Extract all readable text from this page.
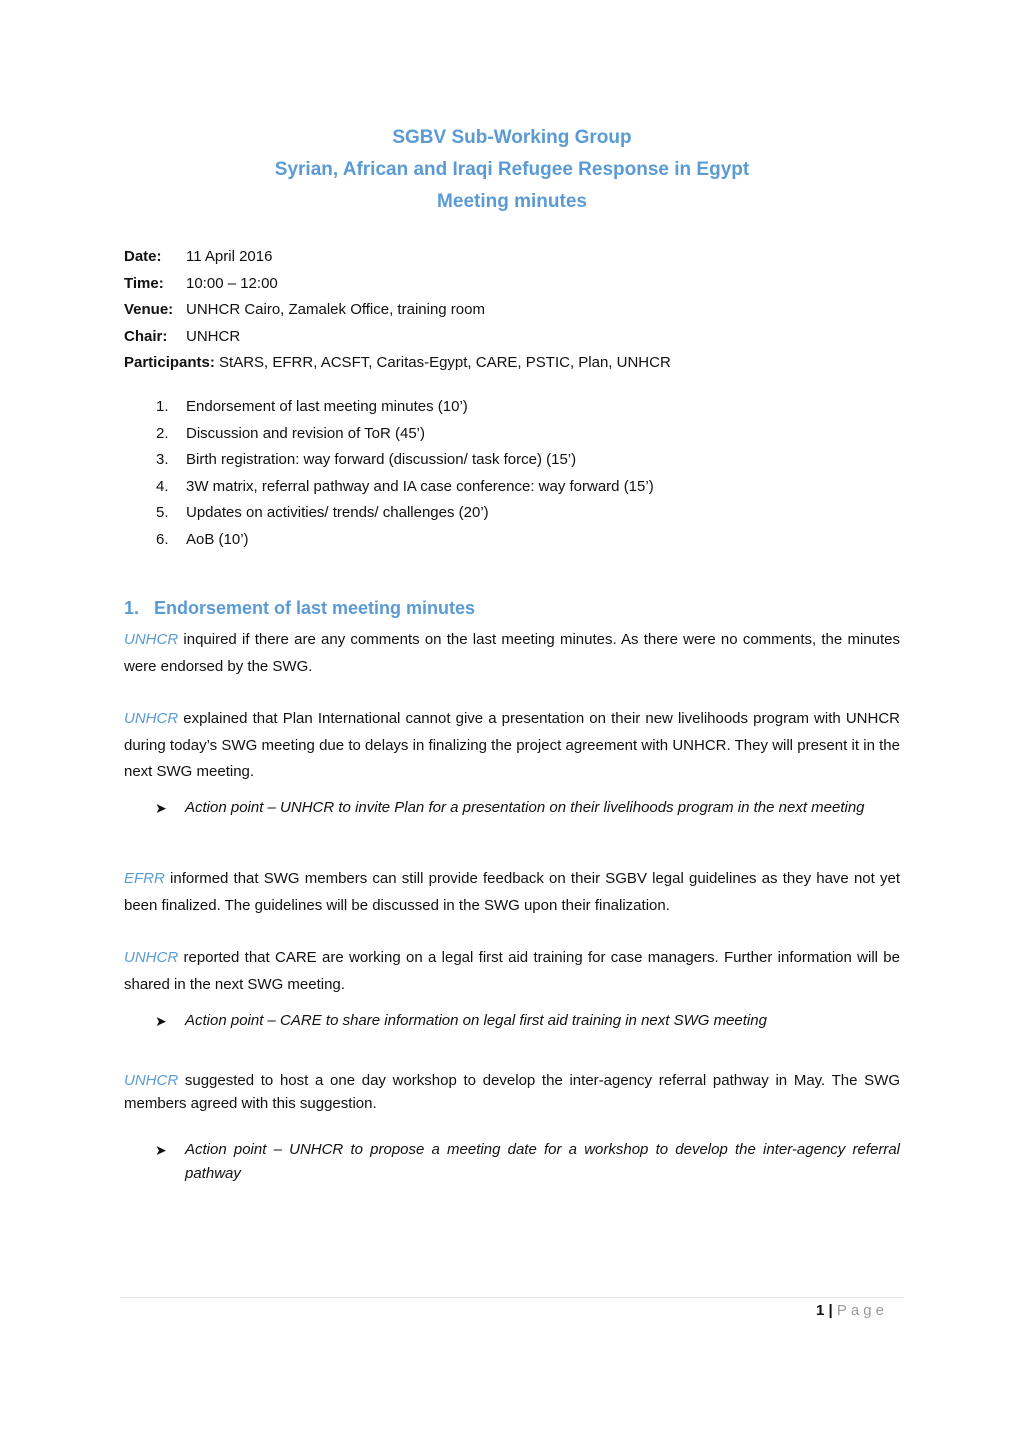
SGBV Sub-Working Group
Syrian, African and Iraqi Refugee Response in Egypt
Meeting minutes
Date: 11 April 2016
Time: 10:00 – 12:00
Venue: UNHCR Cairo, Zamalek Office, training room
Chair: UNHCR
Participants: StARS, EFRR, ACSFT, Caritas-Egypt, CARE, PSTIC, Plan, UNHCR
1. Endorsement of last meeting minutes (10’)
2. Discussion and revision of ToR (45’)
3. Birth registration: way forward (discussion/ task force) (15’)
4. 3W matrix, referral pathway and IA case conference: way forward (15’)
5. Updates on activities/ trends/ challenges (20’)
6. AoB (10’)
1. Endorsement of last meeting minutes
UNHCR inquired if there are any comments on the last meeting minutes. As there were no comments, the minutes were endorsed by the SWG.
UNHCR explained that Plan International cannot give a presentation on their new livelihoods program with UNHCR during today’s SWG meeting due to delays in finalizing the project agreement with UNHCR. They will present it in the next SWG meeting.
➤ Action point – UNHCR to invite Plan for a presentation on their livelihoods program in the next meeting
EFRR informed that SWG members can still provide feedback on their SGBV legal guidelines as they have not yet been finalized. The guidelines will be discussed in the SWG upon their finalization.
UNHCR reported that CARE are working on a legal first aid training for case managers. Further information will be shared in the next SWG meeting.
➤ Action point – CARE to share information on legal first aid training in next SWG meeting
UNHCR suggested to host a one day workshop to develop the inter-agency referral pathway in May. The SWG members agreed with this suggestion.
➤ Action point – UNHCR to propose a meeting date for a workshop to develop the inter-agency referral pathway
1 | Page
